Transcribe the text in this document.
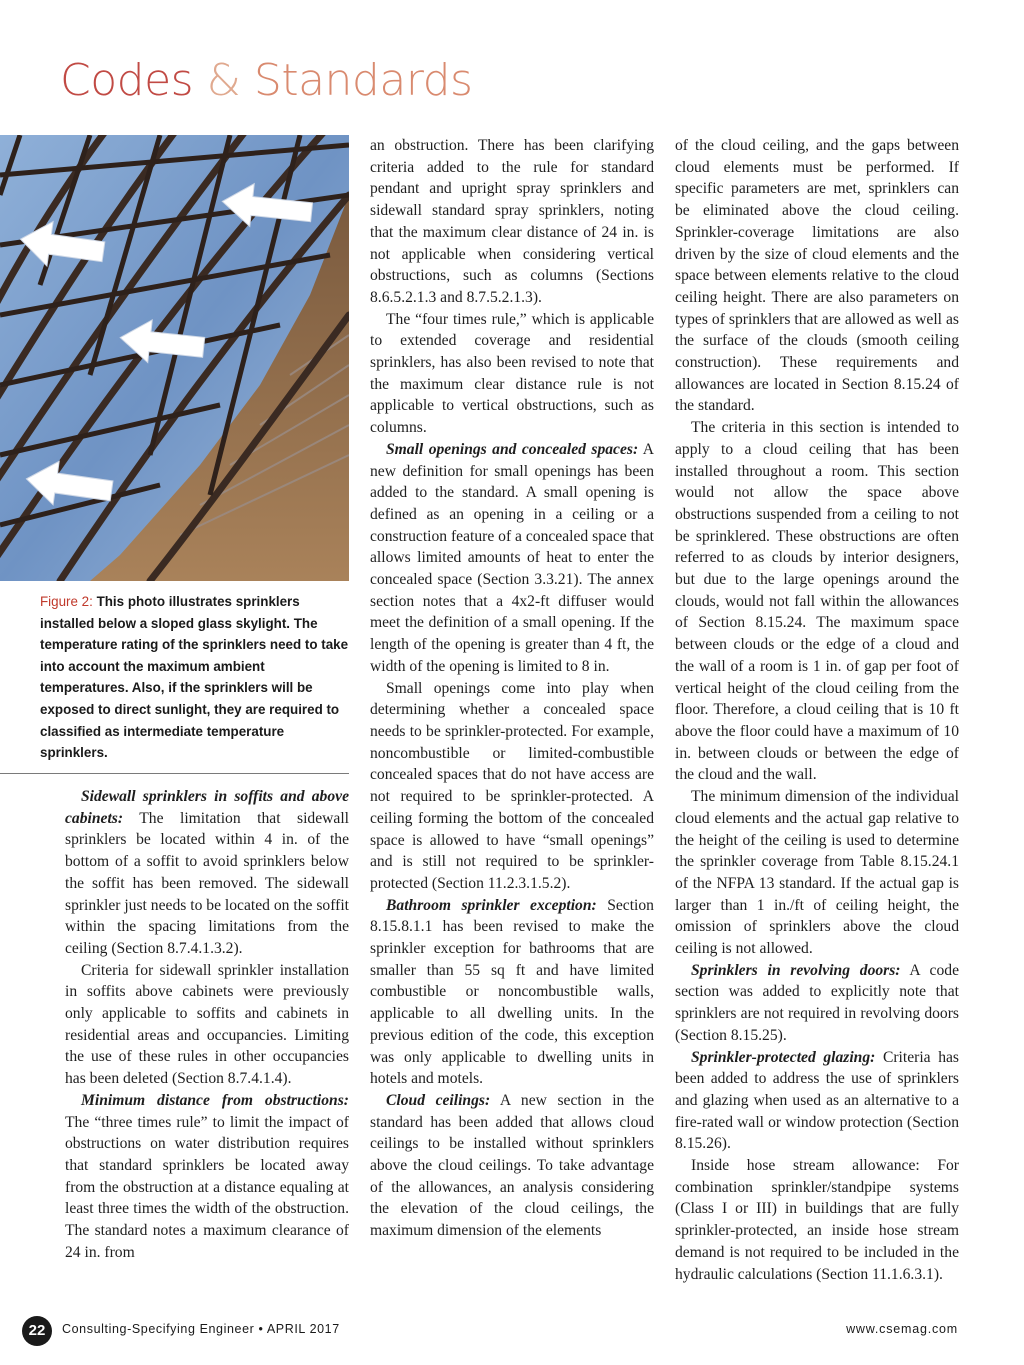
Codes & Standards
Figure 2: This photo illustrates sprinklers installed below a sloped glass skylight. The temperature rating of the sprinklers need to take into account the maximum ambient temperatures. Also, if the sprinklers will be exposed to direct sunlight, they are required to classified as intermediate temperature sprinklers.

Sidewall sprinklers in soffits and above cabinets: The limitation that sidewall sprinklers be located within 4 in. of the bottom of a soffit to avoid sprinklers below the soffit has been removed. The sidewall sprinkler just needs to be located on the soffit within the spacing limitations from the ceiling (Section 8.7.4.1.3.2).

Criteria for sidewall sprinkler installation in soffits above cabinets were previously only applicable to soffits and cabinets in residential areas and occupancies. Limiting the use of these rules in other occupancies has been deleted (Section 8.7.4.1.4).

Minimum distance from obstructions: The “three times rule” to limit the impact of obstructions on water distribution requires that standard sprinklers be located away from the obstruction at a distance equaling at least three times the width of the obstruction. The standard notes a maximum clearance of 24 in. from

an obstruction. There has been clarifying criteria added to the rule for standard pendant and upright spray sprinklers and sidewall standard spray sprinklers, noting that the maximum clear distance of 24 in. is not applicable when considering vertical obstructions, such as columns (Sections 8.6.5.2.1.3 and 8.7.5.2.1.3).

The “four times rule,” which is applicable to extended coverage and residential sprinklers, has also been revised to note that the maximum clear distance rule is not applicable to vertical obstructions, such as columns.

Small openings and concealed spaces: A new definition for small openings has been added to the standard. A small opening is defined as an opening in a ceiling or a construction feature of a concealed space that allows limited amounts of heat to enter the concealed space (Section 3.3.21). The annex section notes that a 4x2-ft diffuser would meet the definition of a small opening. If the length of the opening is greater than 4 ft, the width of the opening is limited to 8 in.

Small openings come into play when determining whether a concealed space needs to be sprinkler-protected. For example, noncombustible or limited-combustible concealed spaces that do not have access are not required to be sprinkler-protected. A ceiling forming the bottom of the concealed space is allowed to have “small openings” and is still not required to be sprinkler-protected (Section 11.2.3.1.5.2).

Bathroom sprinkler exception: Section 8.15.8.1.1 has been revised to make the sprinkler exception for bathrooms that are smaller than 55 sq ft and have limited combustible or noncombustible walls, applicable to all dwelling units. In the previous edition of the code, this exception was only applicable to dwelling units in hotels and motels.

Cloud ceilings: A new section in the standard has been added that allows cloud ceilings to be installed without sprinklers above the cloud ceilings. To take advantage of the allowances, an analysis considering the elevation of the cloud ceilings, the maximum dimension of the elements

of the cloud ceiling, and the gaps between cloud elements must be performed. If specific parameters are met, sprinklers can be eliminated above the cloud ceiling. Sprinkler-coverage limitations are also driven by the size of cloud elements and the space between elements relative to the cloud ceiling height. There are also parameters on types of sprinklers that are allowed as well as the surface of the clouds (smooth ceiling construction). These requirements and allowances are located in Section 8.15.24 of the standard.

The criteria in this section is intended to apply to a cloud ceiling that has been installed throughout a room. This section would not allow the space above obstructions suspended from a ceiling to not be sprinklered. These obstructions are often referred to as clouds by interior designers, but due to the large openings around the clouds, would not fall within the allowances of Section 8.15.24. The maximum space between clouds or the edge of a cloud and the wall of a room is 1 in. of gap per foot of vertical height of the cloud ceiling from the floor. Therefore, a cloud ceiling that is 10 ft above the floor could have a maximum of 10 in. between clouds or between the edge of the cloud and the wall.

The minimum dimension of the individual cloud elements and the actual gap relative to the height of the ceiling is used to determine the sprinkler coverage from Table 8.15.24.1 of the NFPA 13 standard. If the actual gap is larger than 1 in./ft of ceiling height, the omission of sprinklers above the cloud ceiling is not allowed.

Sprinklers in revolving doors: A code section was added to explicitly note that sprinklers are not required in revolving doors (Section 8.15.25).

Sprinkler-protected glazing: Criteria has been added to address the use of sprinklers and glazing when used as an alternative to a fire-rated wall or window protection (Section 8.15.26).

Inside hose stream allowance: For combination sprinkler/standpipe systems (Class I or III) in buildings that are fully sprinkler-protected, an inside hose stream demand is not required to be included in the hydraulic calculations (Section 11.1.6.3.1).

22	Consulting-Specifying Engineer • APRIL 2017	www.csemag.com
